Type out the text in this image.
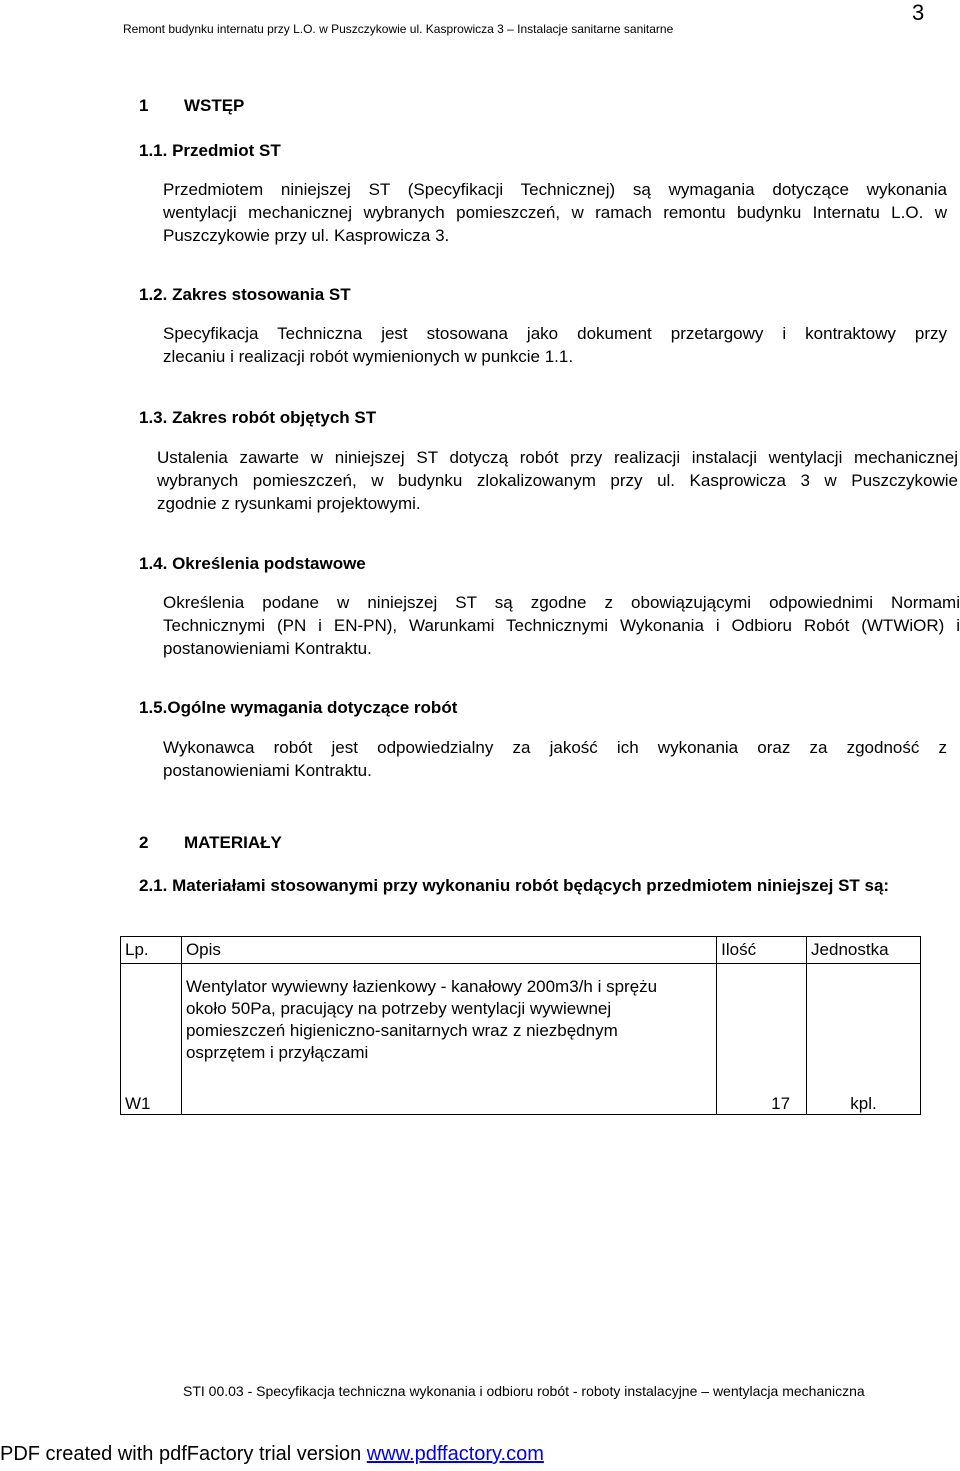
Remont budynku internatu przy L.O. w Puszczykowie ul. Kasprowicza 3 – Instalacje sanitarne sanitarne
3
1 WSTĘP
1.1. Przedmiot ST
Przedmiotem niniejszej ST (Specyfikacji Technicznej) są wymagania dotyczące wykonania
wentylacji mechanicznej wybranych pomieszczeń, w ramach remontu budynku Internatu L.O. w
Puszczykowie przy ul. Kasprowicza 3.
1.2. Zakres stosowania ST
Specyfikacja Techniczna jest stosowana jako dokument przetargowy i kontraktowy przy
zlecaniu i realizacji robót wymienionych w punkcie 1.1.
1.3. Zakres robót objętych ST
Ustalenia zawarte w niniejszej ST dotyczą robót przy realizacji instalacji wentylacji mechanicznej
wybranych pomieszczeń, w budynku zlokalizowanym przy ul. Kasprowicza 3 w Puszczykowie
zgodnie z rysunkami projektowymi.
1.4. Określenia podstawowe
Określenia podane w niniejszej ST są zgodne z obowiązującymi odpowiednimi Normami
Technicznymi (PN i EN-PN), Warunkami Technicznymi Wykonania i Odbioru Robót (WTWiOR) i
postanowieniami Kontraktu.
1.5.Ogólne wymagania dotyczące robót
Wykonawca robót jest odpowiedzialny za jakość ich wykonania oraz za zgodność z
postanowieniami Kontraktu.
2 MATERIAŁY
2.1. Materiałami stosowanymi przy wykonaniu robót będących przedmiotem niniejszej ST są:
Lp.	Opis	Ilość	Jednostka
W1	Wentylator wywiewny łazienkowy - kanałowy 200m3/h i sprężu
około 50Pa, pracujący na potrzeby wentylacji wywiewnej
pomieszczeń higieniczno-sanitarnych wraz z niezbędnym
osprzętem i przyłączami	17	kpl.
STI 00.03 - Specyfikacja techniczna wykonania i odbioru robót - roboty instalacyjne – wentylacja mechaniczna
PDF created with pdfFactory trial version www.pdffactory.com
